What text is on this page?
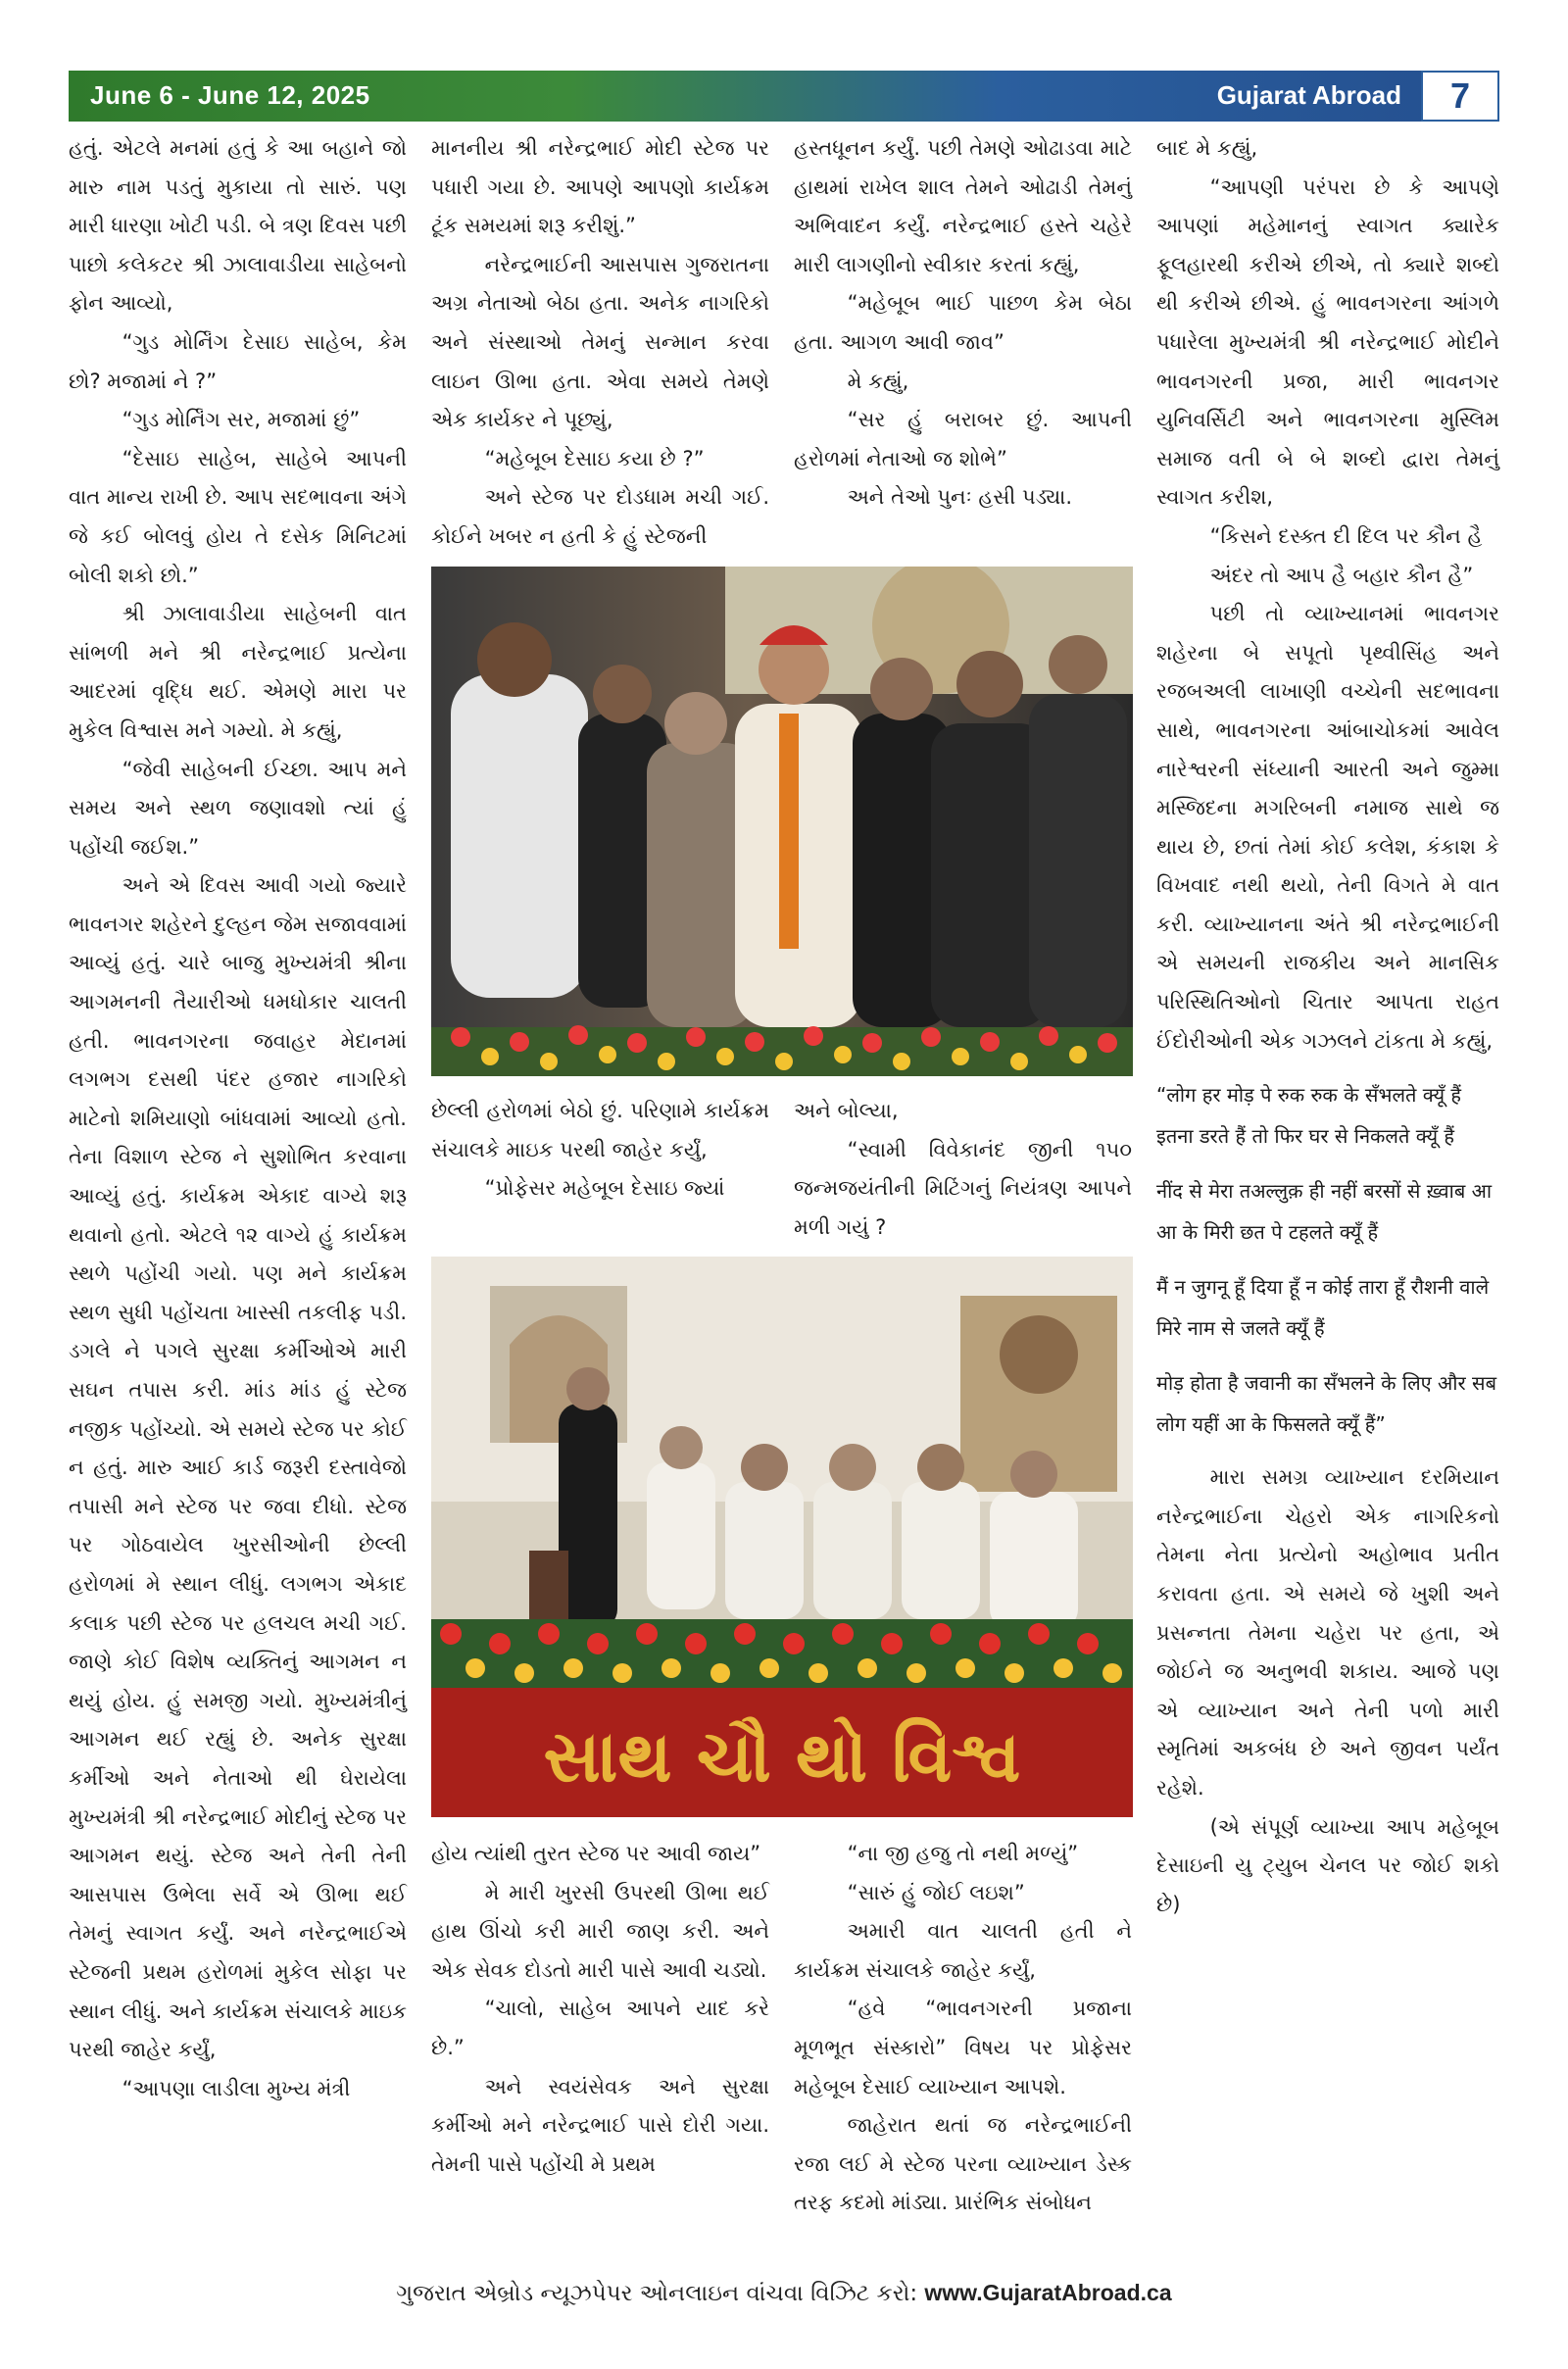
June 6 - June 12, 2025	Gujarat Abroad	7

હતું. એટલે મનમાં હતું કે આ બહાને જો મારુ નામ પડતું મુકાયા તો સારું. પણ મારી ધારણા ખોટી પડી. બે ત્રણ દિવસ પછી પાછો કલેકટર શ્રી ઝાલાવાડીયા સાહેબનો ફોન આવ્યો,

“ગુડ મોર્નિંગ દેસાઇ સાહેબ, કેમ છો? મજામાં ને ?”

“ગુડ મોર્નિંગ સર, મજામાં છું”

“દેસાઇ સાહેબ, સાહેબે આપની વાત માન્ય રાખી છે. આપ સદભાવના અંગે જે કઈ બોલવું હોય તે દસેક મિનિટમાં બોલી શકો છો.”

શ્રી ઝાલાવાડીયા સાહેબની વાત સાંભળી મને શ્રી નરેન્દ્રભાઈ પ્રત્યેના આદરમાં વૃદ્ધિ થઈ. એમણે મારા પર મુકેલ વિશ્વાસ મને ગમ્યો. મે કહ્યું,

“જેવી સાહેબની ઈચ્છા. આપ મને સમય અને સ્થળ જણાવશો ત્યાં હું પહોંચી જઈશ.”

અને એ દિવસ આવી ગયો જ્યારે ભાવનગર શહેરને દુલ્હન જેમ સજાવવામાં આવ્યું હતું. ચારે બાજુ મુખ્યમંત્રી શ્રીના આગમનની તૈયારીઓ ધમધોકાર ચાલતી હતી. ભાવનગરના જવાહર મેદાનમાં લગભગ દસથી પંદર હજાર નાગરિકો માટેનો શમિયાણો બાંધવામાં આવ્યો હતો. તેના વિશાળ સ્ટેજ ને સુશોભિત કરવાના આવ્યું હતું. કાર્યક્રમ એકાદ વાગ્યે શરૂ થવાનો હતો. એટલે ૧૨ વાગ્યે હું કાર્યક્રમ સ્થળે પહોંચી ગયો. પણ મને કાર્યક્રમ સ્થળ સુધી પહોંચતા ખાસ્સી તકલીફ પડી. ડગલે ને પગલે સુરક્ષા કર્મીઓએ મારી સઘન તપાસ કરી. માંડ માંડ હું સ્ટેજ નજીક પહોંચ્યો. એ સમયે સ્ટેજ પર કોઈ ન હતું. મારુ આઈ કાર્ડ જરૂરી દસ્તાવેજો તપાસી મને સ્ટેજ પર જવા દીધો. સ્ટેજ પર ગોઠવાયેલ ખુરસીઓની છેલ્લી હરોળમાં મે સ્થાન લીધું. લગભગ એકાદ કલાક પછી સ્ટેજ પર હલચલ મચી ગઈ. જાણે કોઈ વિશેષ વ્યક્તિનું આગમન ન થયું હોય. હું સમજી ગયો. મુખ્યમંત્રીનું આગમન થઈ રહ્યું છે. અનેક સુરક્ષા કર્મીઓ અને નેતાઓ થી ઘેરાયેલા મુખ્યમંત્રી શ્રી નરેન્દ્રભાઈ મોદીનું સ્ટેજ પર આગમન થયું. સ્ટેજ અને તેની તેની આસપાસ ઉભેલા સર્વે એ ઊભા થઈ તેમનું સ્વાગત કર્યું. અને નરેન્દ્રભાઈએ સ્ટેજની પ્રથમ હરોળમાં મુકેલ સોફા પર સ્થાન લીધું. અને કાર્યક્રમ સંચાલકે માઇક પરથી જાહેર કર્યું,

“આપણા લાડીલા મુખ્ય મંત્રી

માનનીય શ્રી નરેન્દ્રભાઈ મોદી સ્ટેજ પર પધારી ગયા છે. આપણે આપણો કાર્યક્રમ ટૂંક સમયમાં શરૂ કરીશું.”

નરેન્દ્રભાઈની આસપાસ ગુજરાતના અગ્ર નેતાઓ બેઠા હતા. અનેક નાગરિકો અને સંસ્થાઓ તેમનું સન્માન કરવા લાઇન ઊભા હતા. એવા સમયે તેમણે એક કાર્યકર ને પૂછ્યું,

“મહેબૂબ દેસાઇ કયા છે ?”

અને સ્ટેજ પર દોડધામ મચી ગઈ. કોઈને ખબર ન હતી કે હું સ્ટેજની

હસ્તધૂનન કર્યું. પછી તેમણે ઓઢાડવા માટે હાથમાં રાખેલ શાલ તેમને ઓઢાડી તેમનું અભિવાદન કર્યું. નરેન્દ્રભાઈ હસ્તે ચહેરે મારી લાગણીનો સ્વીકાર કરતાં કહ્યું,

“મહેબૂબ ભાઈ પાછળ કેમ બેઠા હતા. આગળ આવી જાવ”

મે કહ્યું,

“સર હું બરાબર છું. આપની હરોળમાં નેતાઓ જ શોભે”

અને તેઓ પુનઃ હસી પડ્યા.

બાદ મે કહ્યું,

“આપણી પરંપરા છે કે આપણે આપણાં મહેમાનનું સ્વાગત ક્યારેક ફૂલહારથી કરીએ છીએ, તો ક્યારે શબ્દો થી કરીએ છીએ. હું ભાવનગરના આંગળે પધારેલા મુખ્યમંત્રી શ્રી નરેન્દ્રભાઈ મોદીને ભાવનગરની પ્રજા, મારી ભાવનગર યુનિવર્સિટી અને ભાવનગરના મુસ્લિમ સમાજ વતી બે બે શબ્દો દ્વારા તેમનું સ્વાગત કરીશ,

“કિસને દસ્ક્ત દી દિલ પર કૌન હૈ

અંદર તો આપ હૈ બહાર કૌન હૈ”

પછી તો વ્યાખ્યાનમાં ભાવનગર શહેરના બે સપૂતો પૃથ્વીસિંહ અને રજબઅલી લાખાણી વચ્ચેની સદભાવના સાથે, ભાવનગરના આંબાચોકમાં આવેલ નારેશ્વરની સંધ્યાની આરતી અને જુમ્મા મસ્જિદના મગરિબની નમાજ સાથે જ થાય છે, છતાં તેમાં કોઈ કલેશ, કંકાશ કે વિખવાદ નથી થયો, તેની વિગતે મે વાત કરી. વ્યાખ્યાનના અંતે શ્રી નરેન્દ્રભાઈની એ સમયની રાજકીય અને માનસિક પરિસ્થિતિઓનો ચિતાર આપતા રાહત ઈંદોરીઓની એક ગઝલને ટાંકતા મે કહ્યું,

“लोग हर मोड़ पे रुक रुक के सँभलते क्यूँ हैं इतना डरते हैं तो फिर घर से निकलते क्यूँ हैं

नींद से मेरा तअल्लुक़ ही नहीं बरसों से ख़्वाब आ आ के मिरी छत पे टहलते क्यूँ हैं

मैं न जुगनू हूँ दिया हूँ न कोई तारा हूँ रौशनी वाले मिरे नाम से जलते क्यूँ हैं

मोड़ होता है जवानी का सँभलने के लिए और सब लोग यहीं आ के फिसलते क्यूँ हैं”

મારા સમગ્ર વ્યાખ્યાન દરમિયાન નરેન્દ્રભાઈના ચેહરો એક નાગરિકનો તેમના નેતા પ્રત્યેનો અહોભાવ પ્રતીત કરાવતા હતા. એ સમયે જે ખુશી અને પ્રસન્નતા તેમના ચહેરા પર હતા, એ જોઈને જ અનુભવી શકાય. આજે પણ એ વ્યાખ્યાન અને તેની પળો મારી સ્મૃતિમાં અકબંધ છે અને જીવન પર્યંત રહેશે.

(એ સંપૂર્ણ વ્યાખ્યા આપ મહેબૂબ દેસાઇની યુ ટ્યુબ ચેનલ પર જોઈ શકો છે)

છેલ્લી હરોળમાં બેઠો છું. પરિણામે કાર્યક્રમ સંચાલકે માઇક પરથી જાહેર કર્યું,

“પ્રોફેસર મહેબૂબ દેસાઇ જ્યાં

અને બોલ્યા,

“સ્વામી વિવેકાનંદ જીની ૧૫૦ જન્મજયંતીની મિટિંગનું નિયંત્રણ આપને મળી ગયું ?

હોય ત્યાંથી તુરત સ્ટેજ પર આવી જાય”

મે મારી ખુરસી ઉપરથી ઊભા થઈ હાથ ઊંચો કરી મારી જાણ કરી. અને એક સેવક દોડતો મારી પાસે આવી ચડ્યો.

“ચાલો, સાહેબ આપને યાદ કરે છે.”

અને સ્વયંસેવક અને સુરક્ષા કર્મીઓ મને નરેન્દ્રભાઈ પાસે દોરી ગયા. તેમની પાસે પહોંચી મે પ્રથમ

“ના જી હજુ તો નથી મળ્યું”

“સારું હું જોઈ લઇશ”

અમારી વાત ચાલતી હતી ને કાર્યક્રમ સંચાલકે જાહેર કર્યું,

“હવે “ભાવનગરની પ્રજાના મૂળભૂત સંસ્કારો” વિષય પર પ્રોફેસર મહેબૂબ દેસાઈ વ્યાખ્યાન આપશે.

જાહેરાત થતાં જ નરેન્દ્રભાઈની રજા લઈ મે સ્ટેજ પરના વ્યાખ્યાન ડેસ્ક તરફ કદમો માંડ્યા. પ્રારંભિક સંબોધન

સાથ ચૌ થો વિશ્વ
ગુજરાત એબ્રોડ ન્યૂઝપેપર ઓનલાઇન વાંચવા વિઝિટ કરો: www.GujaratAbroad.ca
